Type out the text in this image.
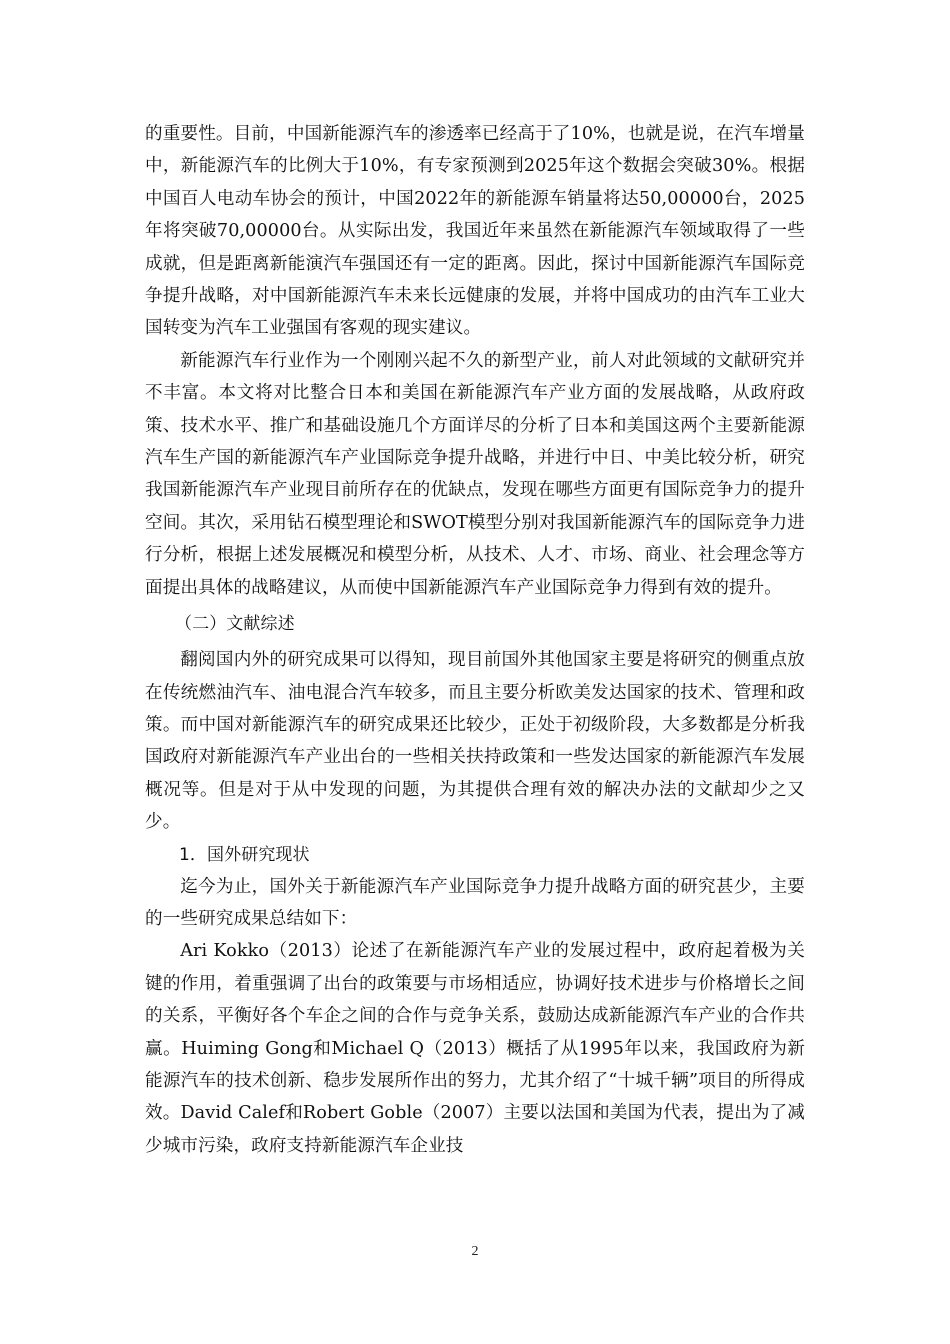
的重要性。目前，中国新能源汽车的渗透率已经高于了10%，也就是说，在汽车增量中，新能源汽车的比例大于10%，有专家预测到2025年这个数据会突破30%。根据中国百人电动车协会的预计，中国2022年的新能源车销量将达50,00000台，2025年将突破70,00000台。从实际出发，我国近年来虽然在新能源汽车领域取得了一些成就，但是距离新能演汽车强国还有一定的距离。因此，探讨中国新能源汽车国际竞争提升战略，对中国新能源汽车未来长远健康的发展，并将中国成功的由汽车工业大国转变为汽车工业强国有客观的现实建议。

新能源汽车行业作为一个刚刚兴起不久的新型产业，前人对此领域的文献研究并不丰富。本文将对比整合日本和美国在新能源汽车产业方面的发展战略，从政府政策、技术水平、推广和基础设施几个方面详尽的分析了日本和美国这两个主要新能源汽车生产国的新能源汽车产业国际竞争提升战略，并进行中日、中美比较分析，研究我国新能源汽车产业现目前所存在的优缺点，发现在哪些方面更有国际竞争力的提升空间。其次，采用钻石模型理论和SWOT模型分别对我国新能源汽车的国际竞争力进行分析，根据上述发展概况和模型分析，从技术、人才、市场、商业、社会理念等方面提出具体的战略建议，从而使中国新能源汽车产业国际竞争力得到有效的提升。

（二）文献综述

翻阅国内外的研究成果可以得知，现目前国外其他国家主要是将研究的侧重点放在传统燃油汽车、油电混合汽车较多，而且主要分析欧美发达国家的技术、管理和政策。而中国对新能源汽车的研究成果还比较少，正处于初级阶段，大多数都是分析我国政府对新能源汽车产业出台的一些相关扶持政策和一些发达国家的新能源汽车发展概况等。但是对于从中发现的问题，为其提供合理有效的解决办法的文献却少之又少。

1．国外研究现状

迄今为止，国外关于新能源汽车产业国际竞争力提升战略方面的研究甚少，主要的一些研究成果总结如下：

Ari Kokko（2013）论述了在新能源汽车产业的发展过程中，政府起着极为关键的作用，着重强调了出台的政策要与市场相适应，协调好技术进步与价格增长之间的关系，平衡好各个车企之间的合作与竞争关系，鼓励达成新能源汽车产业的合作共赢。Huiming Gong和Michael Q（2013）概括了从1995年以来，我国政府为新能源汽车的技术创新、稳步发展所作出的努力，尤其介绍了“十城千辆”项目的所得成效。David Calef和Robert Goble（2007）主要以法国和美国为代表，提出为了减少城市污染，政府支持新能源汽车企业技

2
